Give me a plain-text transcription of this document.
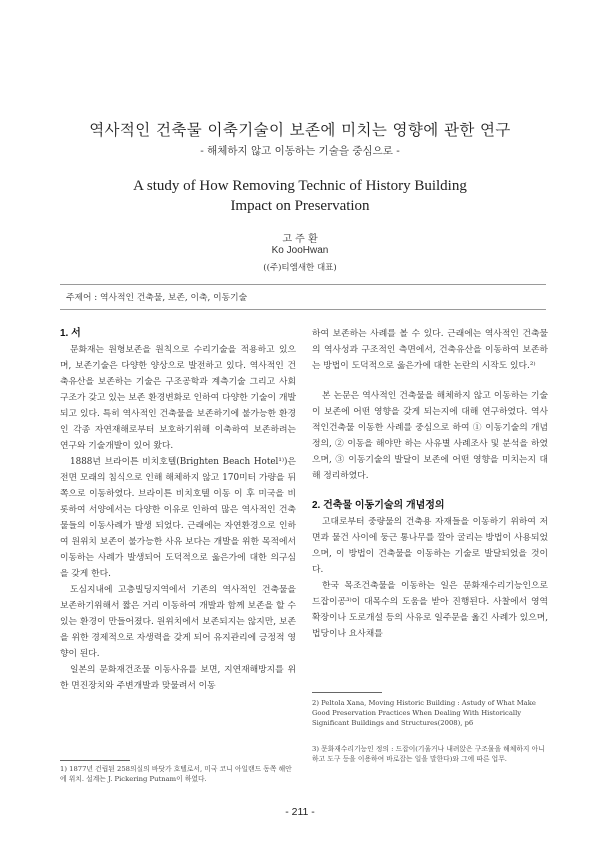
역사적인 건축물 이축기술이 보존에 미치는 영향에 관한 연구
- 해체하지 않고 이동하는 기술을 중심으로 -
A study of How Removing Technic of History Building
Impact on Preservation
고 주 환
Ko JooHwan
((주)티엠새한 대표)
주제어 : 역사적인 건축물, 보존, 이축, 이동기술
1. 서

문화재는 원형보존을 원칙으로 수리기술을 적용하고 있으며, 보존기술은 다양한 양상으로 발전하고 있다. 역사적인 건축유산을 보존하는 기술은 구조공학과 계측기술 그리고 사회구조가 갖고 있는 보존 환경변화로 인하여 다양한 기술이 개발되고 있다. 특히 역사적인 건축물을 보존하기에 불가능한 환경인 각종 자연재해로부터 보호하기위해 이축하여 보존하려는 연구와 기술개발이 있어 왔다.

1888년 브라이튼 비치호텔(Brighten Beach Hotel¹⁾)은 전면 모래의 침식으로 인해 해체하지 않고 170미터 가량을 뒤쪽으로 이동하였다. 브라이튼 비치호텔 이동 이 후 미국을 비롯하여 서양에서는 다양한 이유로 인하여 많은 역사적인 건축물들의 이동사례가 발생 되었다. 근래에는 자연환경으로 인하여 원위치 보존이 불가능한 사유 보다는 개발을 위한 목적에서 이동하는 사례가 발생되어 도덕적으로 옳은가에 대한 의구심을 갖게 한다.

도심지내에 고층빌딩지역에서 기존의 역사적인 건축물을 보존하기위해서 짧은 거리 이동하여 개발과 함께 보존을 할 수 있는 환경이 만들어졌다. 원위치에서 보존되지는 않지만, 보존을 위한 경제적으로 자생력을 갖게 되어 유지관리에 긍정적 영향이 된다.

일본의 문화재건조물 이동사유를 보면, 지연재해방지를 위한 면진장치와 주변개발과 맞물려서 이동

1) 1877년 건립된 258의실의 바닷가 호텔로서, 미국 코니 아일랜드 동쪽 해안에 위치. 설계는 J. Pickering Putnam이 하였다.

하여 보존하는 사례를 볼 수 있다. 근래에는 역사적인 건축물의 역사성과 구조적인 측면에서, 건축유산을 이동하여 보존하는 방법이 도덕적으로 옳은가에 대한 논란의 시작도 있다.²⁾

본 논문은 역사적인 건축물을 해체하지 않고 이동하는 기술이 보존에 어떤 영향을 갖게 되는지에 대해 연구하였다. 역사적인건축물 이동한 사례를 중심으로 하여 ① 이동기술의 개념정의, ② 이동을 해야만 하는 사유별 사례조사 및 분석을 하였으며, ③ 이동기술의 발달이 보존에 어떤 영향을 미치는지 대해 정리하였다.

2. 건축물 이동기술의 개념정의

고대로부터 중량물의 건축용 자재들을 이동하기 위하여 저면과 물건 사이에 둥근 통나무를 깔아 굴리는 방법이 사용되었으며, 이 방법이 건축물을 이동하는 기술로 발달되었을 것이다.

한국 목조건축물을 이동하는 일은 문화재수리기능인으로 드잡이공³⁾이 대목수의 도움을 받아 진행된다. 사찰에서 영역확장이나 도로개설 등의 사유로 일주문을 옮긴 사례가 있으며, 법당이나 요사채를

2) Peltola Xana, Moving Historic Building : Astudy of What Make Good Preservation Practices When Dealing With Historically Significant Buildings and Structures(2008), p6
3) 문화재수리기능인 정의 : 드잡이(기울거나 내려앉은 구조물을 해체하지 아니하고 도구 등을 이용하여 바로잡는 일을 말한다)와 그에 따른 업무.
- 211 -
